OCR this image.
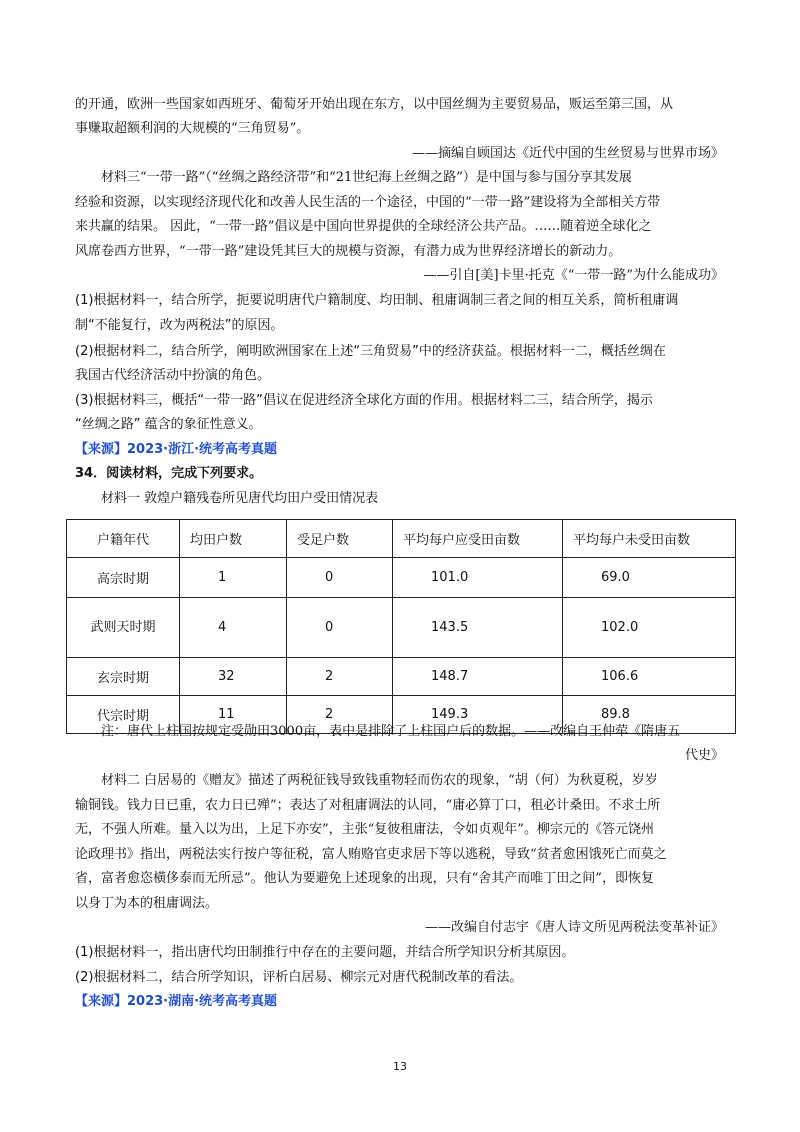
的开通，欧洲一些国家如西班牙、葡萄牙开始出现在东方，以中国丝绸为主要贸易品，贩运至第三国，从
事赚取超额利润的大规模的“三角贸易”。
——摘编自顾国达《近代中国的生丝贸易与世界市场》
材料三“一带一路”（“丝绸之路经济带”和“21世纪海上丝绸之路”）是中国与参与国分享其发展
经验和资源，以实现经济现代化和改善人民生活的一个途径，中国的“一带一路”建设将为全部相关方带
来共赢的结果。 因此，“一带一路”倡议是中国向世界提供的全球经济公共产品。……随着逆全球化之
风席卷西方世界，“一带一路”建设凭其巨大的规模与资源，有潜力成为世界经济增长的新动力。
——引自[美]卡里·托克《“一带一路”为什么能成功》
(1)根据材料一，结合所学，扼要说明唐代户籍制度、均田制、租庸调制三者之间的相互关系，简析租庸调
制“不能复行，改为两税法”的原因。
(2)根据材料二，结合所学，阐明欧洲国家在上述“三角贸易”中的经济获益。根据材料一二，概括丝绸在
我国古代经济活动中扮演的角色。
(3)根据材料三，概括“一带一路”倡议在促进经济全球化方面的作用。根据材料二三，结合所学，揭示
“丝绸之路” 蕴含的象征性意义。
【来源】2023·浙江·统考高考真题
34．阅读材料，完成下列要求。
材料一 敦煌户籍残卷所见唐代均田户受田情况表
户籍年代	均田户数	受足户数	平均每户应受田亩数	平均每户未受田亩数
高宗时期	1	0	101.0	69.0
武则天时期	4	0	143.5	102.0
玄宗时期	32	2	148.7	106.6
代宗时期	11	2	149.3	89.8
注：唐代上柱国按规定受勋田3000亩，表中是排除了上柱国户后的数据。——改编自王仲荦《隋唐五
代史》
材料二 白居易的《赠友》描述了两税征钱导致钱重物轻而伤农的现象，“胡（何）为秋夏税，岁岁
输铜钱。钱力日已重，农力日已殚”；表达了对租庸调法的认同，“庸必算丁口，租必计桑田。不求土所
无，不强人所难。量入以为出，上足下亦安”，主张“复彼租庸法，令如贞观年”。柳宗元的《答元饶州
论政理书》指出，两税法实行按户等征税，富人贿赂官吏求居下等以逃税，导致“贫者愈困饿死亡而莫之
省，富者愈恣橫侈泰而无所忌”。他认为要避免上述现象的出现，只有“舍其产而唯丁田之间”，即恢复
以身丁为本的租庸调法。
——改编自付志宇《唐人诗文所见两税法变革补证》
(1)根据材料一，指出唐代均田制推行中存在的主要问题，并结合所学知识分析其原因。
(2)根据材料二，结合所学知识，评析白居易、柳宗元对唐代税制改革的看法。
【来源】2023·湖南·统考高考真题
13
